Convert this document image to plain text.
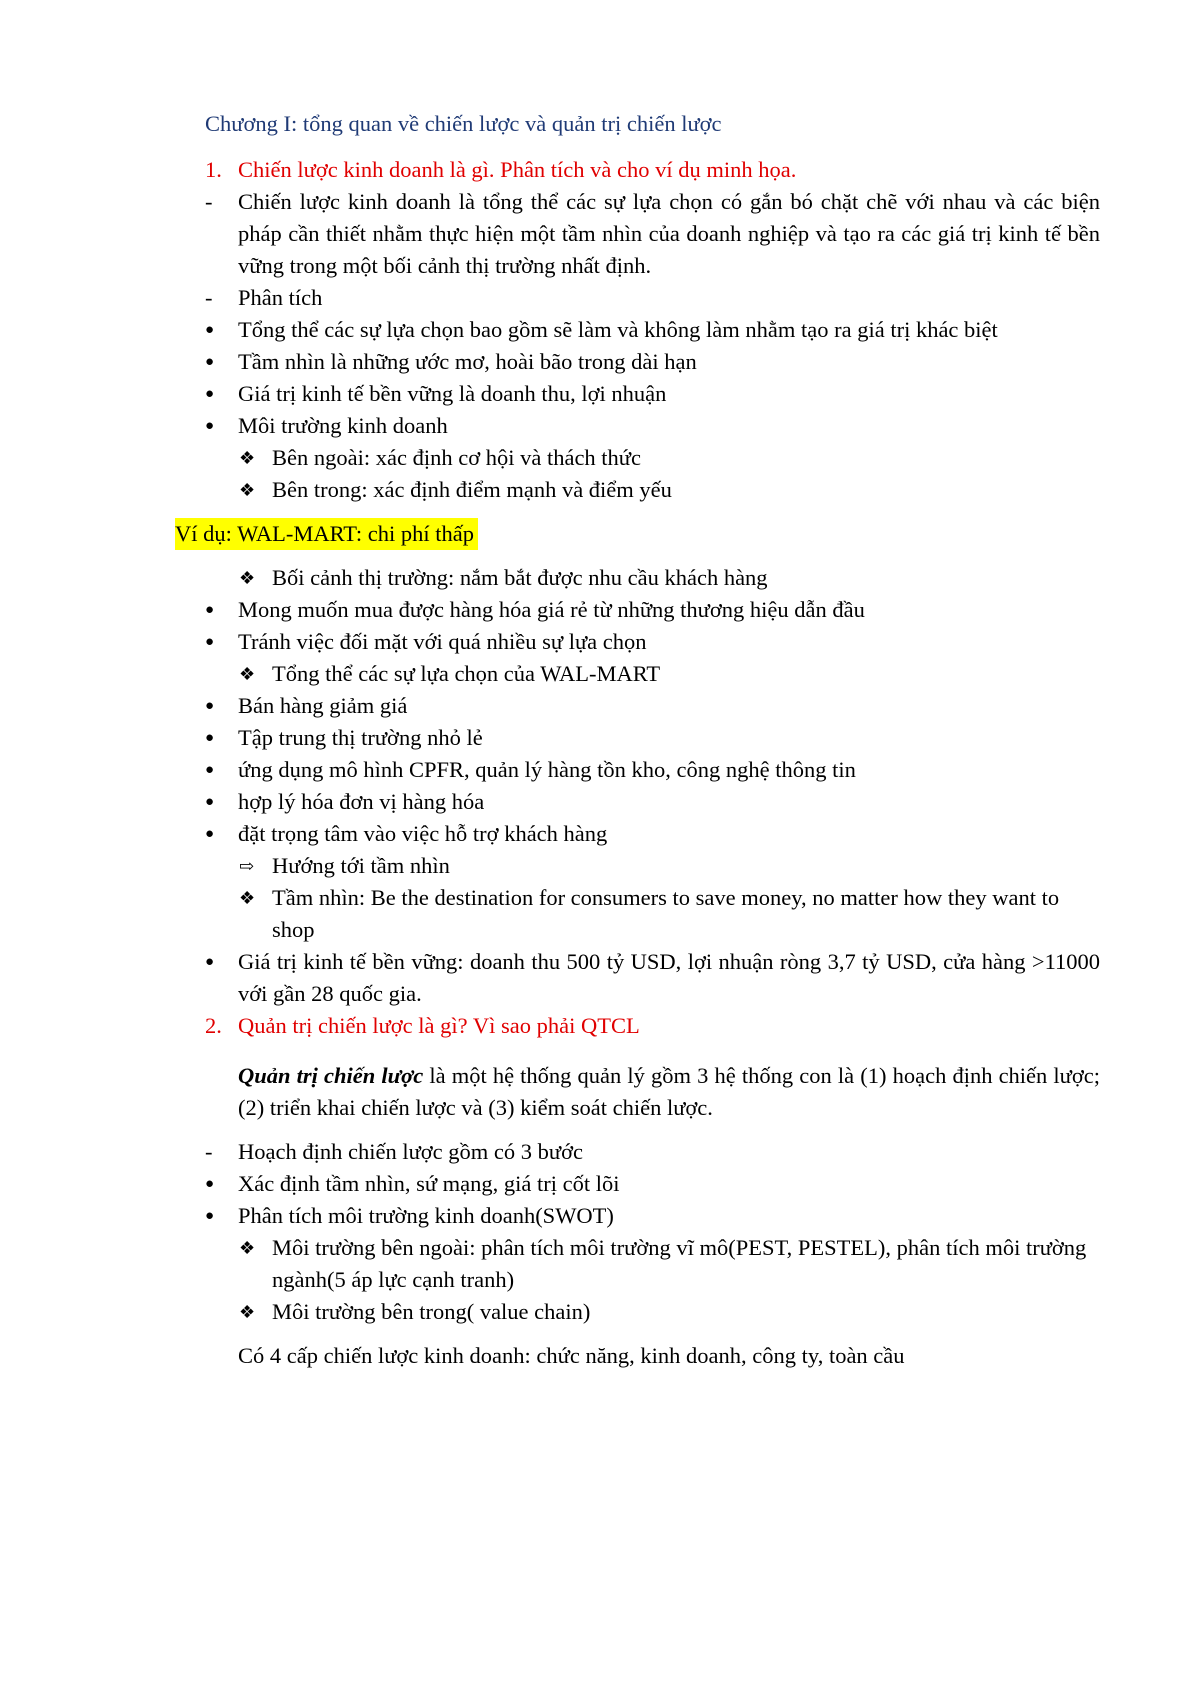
Chương I: tổng quan về chiến lược và quản trị chiến lược
1. Chiến lược kinh doanh là gì. Phân tích và cho ví dụ minh họa.
-	Chiến lược kinh doanh là tổng thể các sự lựa chọn có gắn bó chặt chẽ với nhau và các biện pháp cần thiết nhằm thực hiện một tầm nhìn của doanh nghiệp và tạo ra các giá trị kinh tế bền vững trong một bối cảnh thị trường nhất định.
-	Phân tích
●	Tổng thể các sự lựa chọn bao gồm sẽ làm và không làm nhằm tạo ra giá trị khác biệt
●	Tầm nhìn là những ước mơ, hoài bão trong dài hạn
●	Giá trị kinh tế bền vững là doanh thu, lợi nhuận
●	Môi trường kinh doanh
❖ Bên ngoài: xác định cơ hội và thách thức
❖ Bên trong: xác định điểm mạnh và điểm yếu
Ví dụ: WAL-MART: chi phí thấp
❖ Bối cảnh thị trường: nắm bắt được nhu cầu khách hàng
●	Mong muốn mua được hàng hóa giá rẻ từ những thương hiệu dẫn đầu
●	Tránh việc đối mặt với quá nhiều sự lựa chọn
❖ Tổng thể các sự lựa chọn của WAL-MART
●	Bán hàng giảm giá
●	Tập trung thị trường nhỏ lẻ
●	ứng dụng mô hình CPFR, quản lý hàng tồn kho, công nghệ thông tin
●	hợp lý hóa đơn vị hàng hóa
●	đặt trọng tâm vào việc hỗ trợ khách hàng
⇨ Hướng tới tầm nhìn
❖ Tầm nhìn: Be the destination for consumers to save money, no matter how they want to shop
●	Giá trị kinh tế bền vững: doanh thu 500 tỷ USD, lợi nhuận ròng 3,7 tỷ USD, cửa hàng >11000 với gần 28 quốc gia.
2. Quản trị chiến lược là gì? Vì sao phải QTCL
Quản trị chiến lược là một hệ thống quản lý gồm 3 hệ thống con là (1) hoạch định chiến lược;(2) triển khai chiến lược và (3) kiểm soát chiến lược.
-	Hoạch định chiến lược gồm có 3 bước
●	Xác định tầm nhìn, sứ mạng, giá trị cốt lõi
●	Phân tích môi trường kinh doanh(SWOT)
❖ Môi trường bên ngoài: phân tích môi trường vĩ mô(PEST, PESTEL), phân tích môi trường ngành(5 áp lực cạnh tranh)
❖ Môi trường bên trong( value chain)
Có 4 cấp chiến lược kinh doanh: chức năng, kinh doanh, công ty, toàn cầu
